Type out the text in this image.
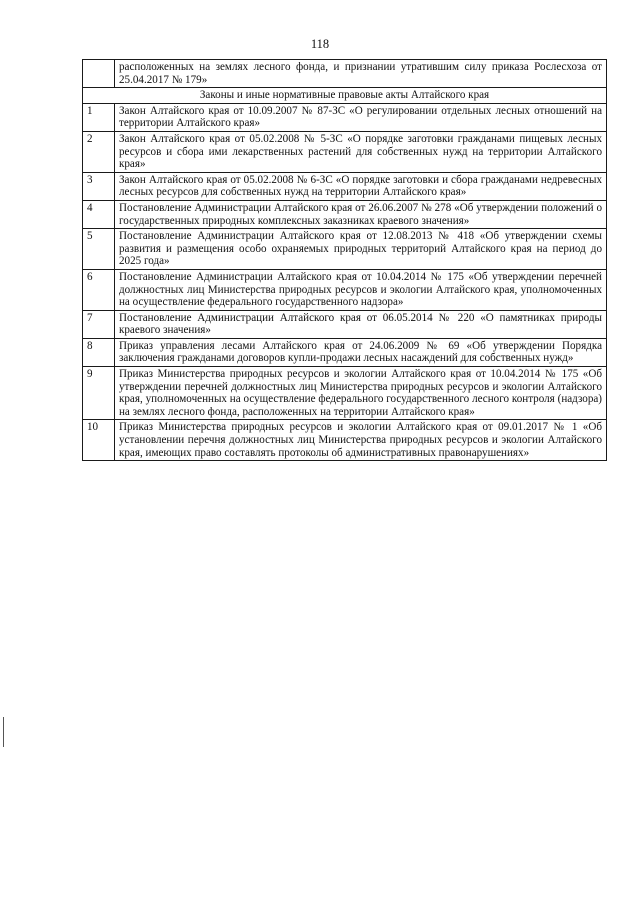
118
	расположенных на землях лесного фонда, и признании утратившим силу приказа Рослесхоза от 25.04.2017 № 179»
Законы и иные нормативные правовые акты Алтайского края	
1	Закон Алтайского края от 10.09.2007 № 87-ЗС «О регулировании отдельных лесных отношений на территории Алтайского края»
2	Закон Алтайского края от 05.02.2008 № 5-ЗС «О порядке заготовки гражданами пищевых лесных ресурсов и сбора ими лекарственных растений для собственных нужд на территории Алтайского края»
3	Закон Алтайского края от 05.02.2008 № 6-ЗС «О порядке заготовки и сбора гражданами недревесных лесных ресурсов для собственных нужд на территории Алтайского края»
4	Постановление Администрации Алтайского края от 26.06.2007 № 278 «Об утверждении положений о государственных природных комплексных заказниках краевого значения»
5	Постановление Администрации Алтайского края от 12.08.2013 № 418 «Об утверждении схемы развития и размещения особо охраняемых природных территорий Алтайского края на период до 2025 года»
6	Постановление Администрации Алтайского края от 10.04.2014 № 175 «Об утверждении перечней должностных лиц Министерства природных ресурсов и экологии Алтайского края, уполномоченных на осуществление федерального государственного надзора»
7	Постановление Администрации Алтайского края от 06.05.2014 № 220 «О памятниках природы краевого значения»
8	Приказ управления лесами Алтайского края от 24.06.2009 № 69 «Об утверждении Порядка заключения гражданами договоров купли-продажи лесных насаждений для собственных нужд»
9	Приказ Министерства природных ресурсов и экологии Алтайского края от 10.04.2014 № 175 «Об утверждении перечней должностных лиц Министерства природных ресурсов и экологии Алтайского края, уполномоченных на осуществление федерального государственного лесного контроля (надзора) на землях лесного фонда, расположенных на территории Алтайского края»
10	Приказ Министерства природных ресурсов и экологии Алтайского края от 09.01.2017 № 1 «Об установлении перечня должностных лиц Министерства природных ресурсов и экологии Алтайского края, имеющих право составлять протоколы об административных правонарушениях»
